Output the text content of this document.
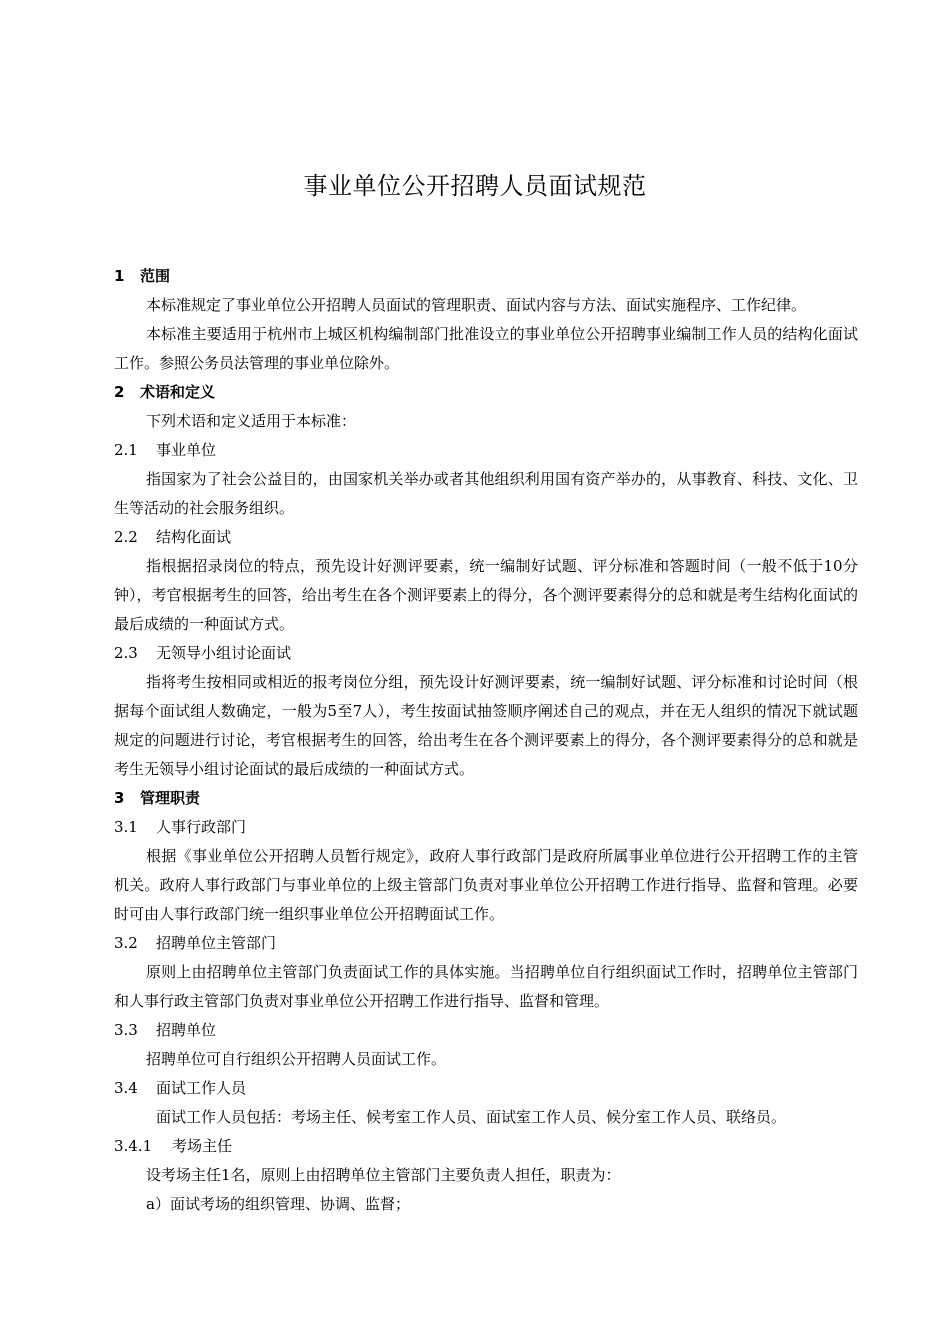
事业单位公开招聘人员面试规范
1 范围

本标准规定了事业单位公开招聘人员面试的管理职责、面试内容与方法、面试实施程序、工作纪律。

本标准主要适用于杭州市上城区机构编制部门批准设立的事业单位公开招聘事业编制工作人员的结构化面试工作。参照公务员法管理的事业单位除外。

2 术语和定义

下列术语和定义适用于本标准：

2.1 事业单位

指国家为了社会公益目的，由国家机关举办或者其他组织利用国有资产举办的，从事教育、科技、文化、卫生等活动的社会服务组织。

2.2 结构化面试

指根据招录岗位的特点，预先设计好测评要素，统一编制好试题、评分标准和答题时间（一般不低于10分钟），考官根据考生的回答，给出考生在各个测评要素上的得分，各个测评要素得分的总和就是考生结构化面试的最后成绩的一种面试方式。

2.3 无领导小组讨论面试

指将考生按相同或相近的报考岗位分组，预先设计好测评要素，统一编制好试题、评分标准和讨论时间（根据每个面试组人数确定，一般为5至7人），考生按面试抽签顺序阐述自己的观点，并在无人组织的情况下就试题规定的问题进行讨论，考官根据考生的回答，给出考生在各个测评要素上的得分，各个测评要素得分的总和就是考生无领导小组讨论面试的最后成绩的一种面试方式。

3 管理职责
3.1 人事行政部门

根据《事业单位公开招聘人员暂行规定》，政府人事行政部门是政府所属事业单位进行公开招聘工作的主管机关。政府人事行政部门与事业单位的上级主管部门负责对事业单位公开招聘工作进行指导、监督和管理。必要时可由人事行政部门统一组织事业单位公开招聘面试工作。

3.2 招聘单位主管部门

原则上由招聘单位主管部门负责面试工作的具体实施。当招聘单位自行组织面试工作时，招聘单位主管部门和人事行政主管部门负责对事业单位公开招聘工作进行指导、监督和管理。

3.3 招聘单位

招聘单位可自行组织公开招聘人员面试工作。

3.4 面试工作人员

面试工作人员包括：考场主任、候考室工作人员、面试室工作人员、候分室工作人员、联络员。

3.4.1 考场主任

设考场主任1名，原则上由招聘单位主管部门主要负责人担任，职责为：

a）面试考场的组织管理、协调、监督；
